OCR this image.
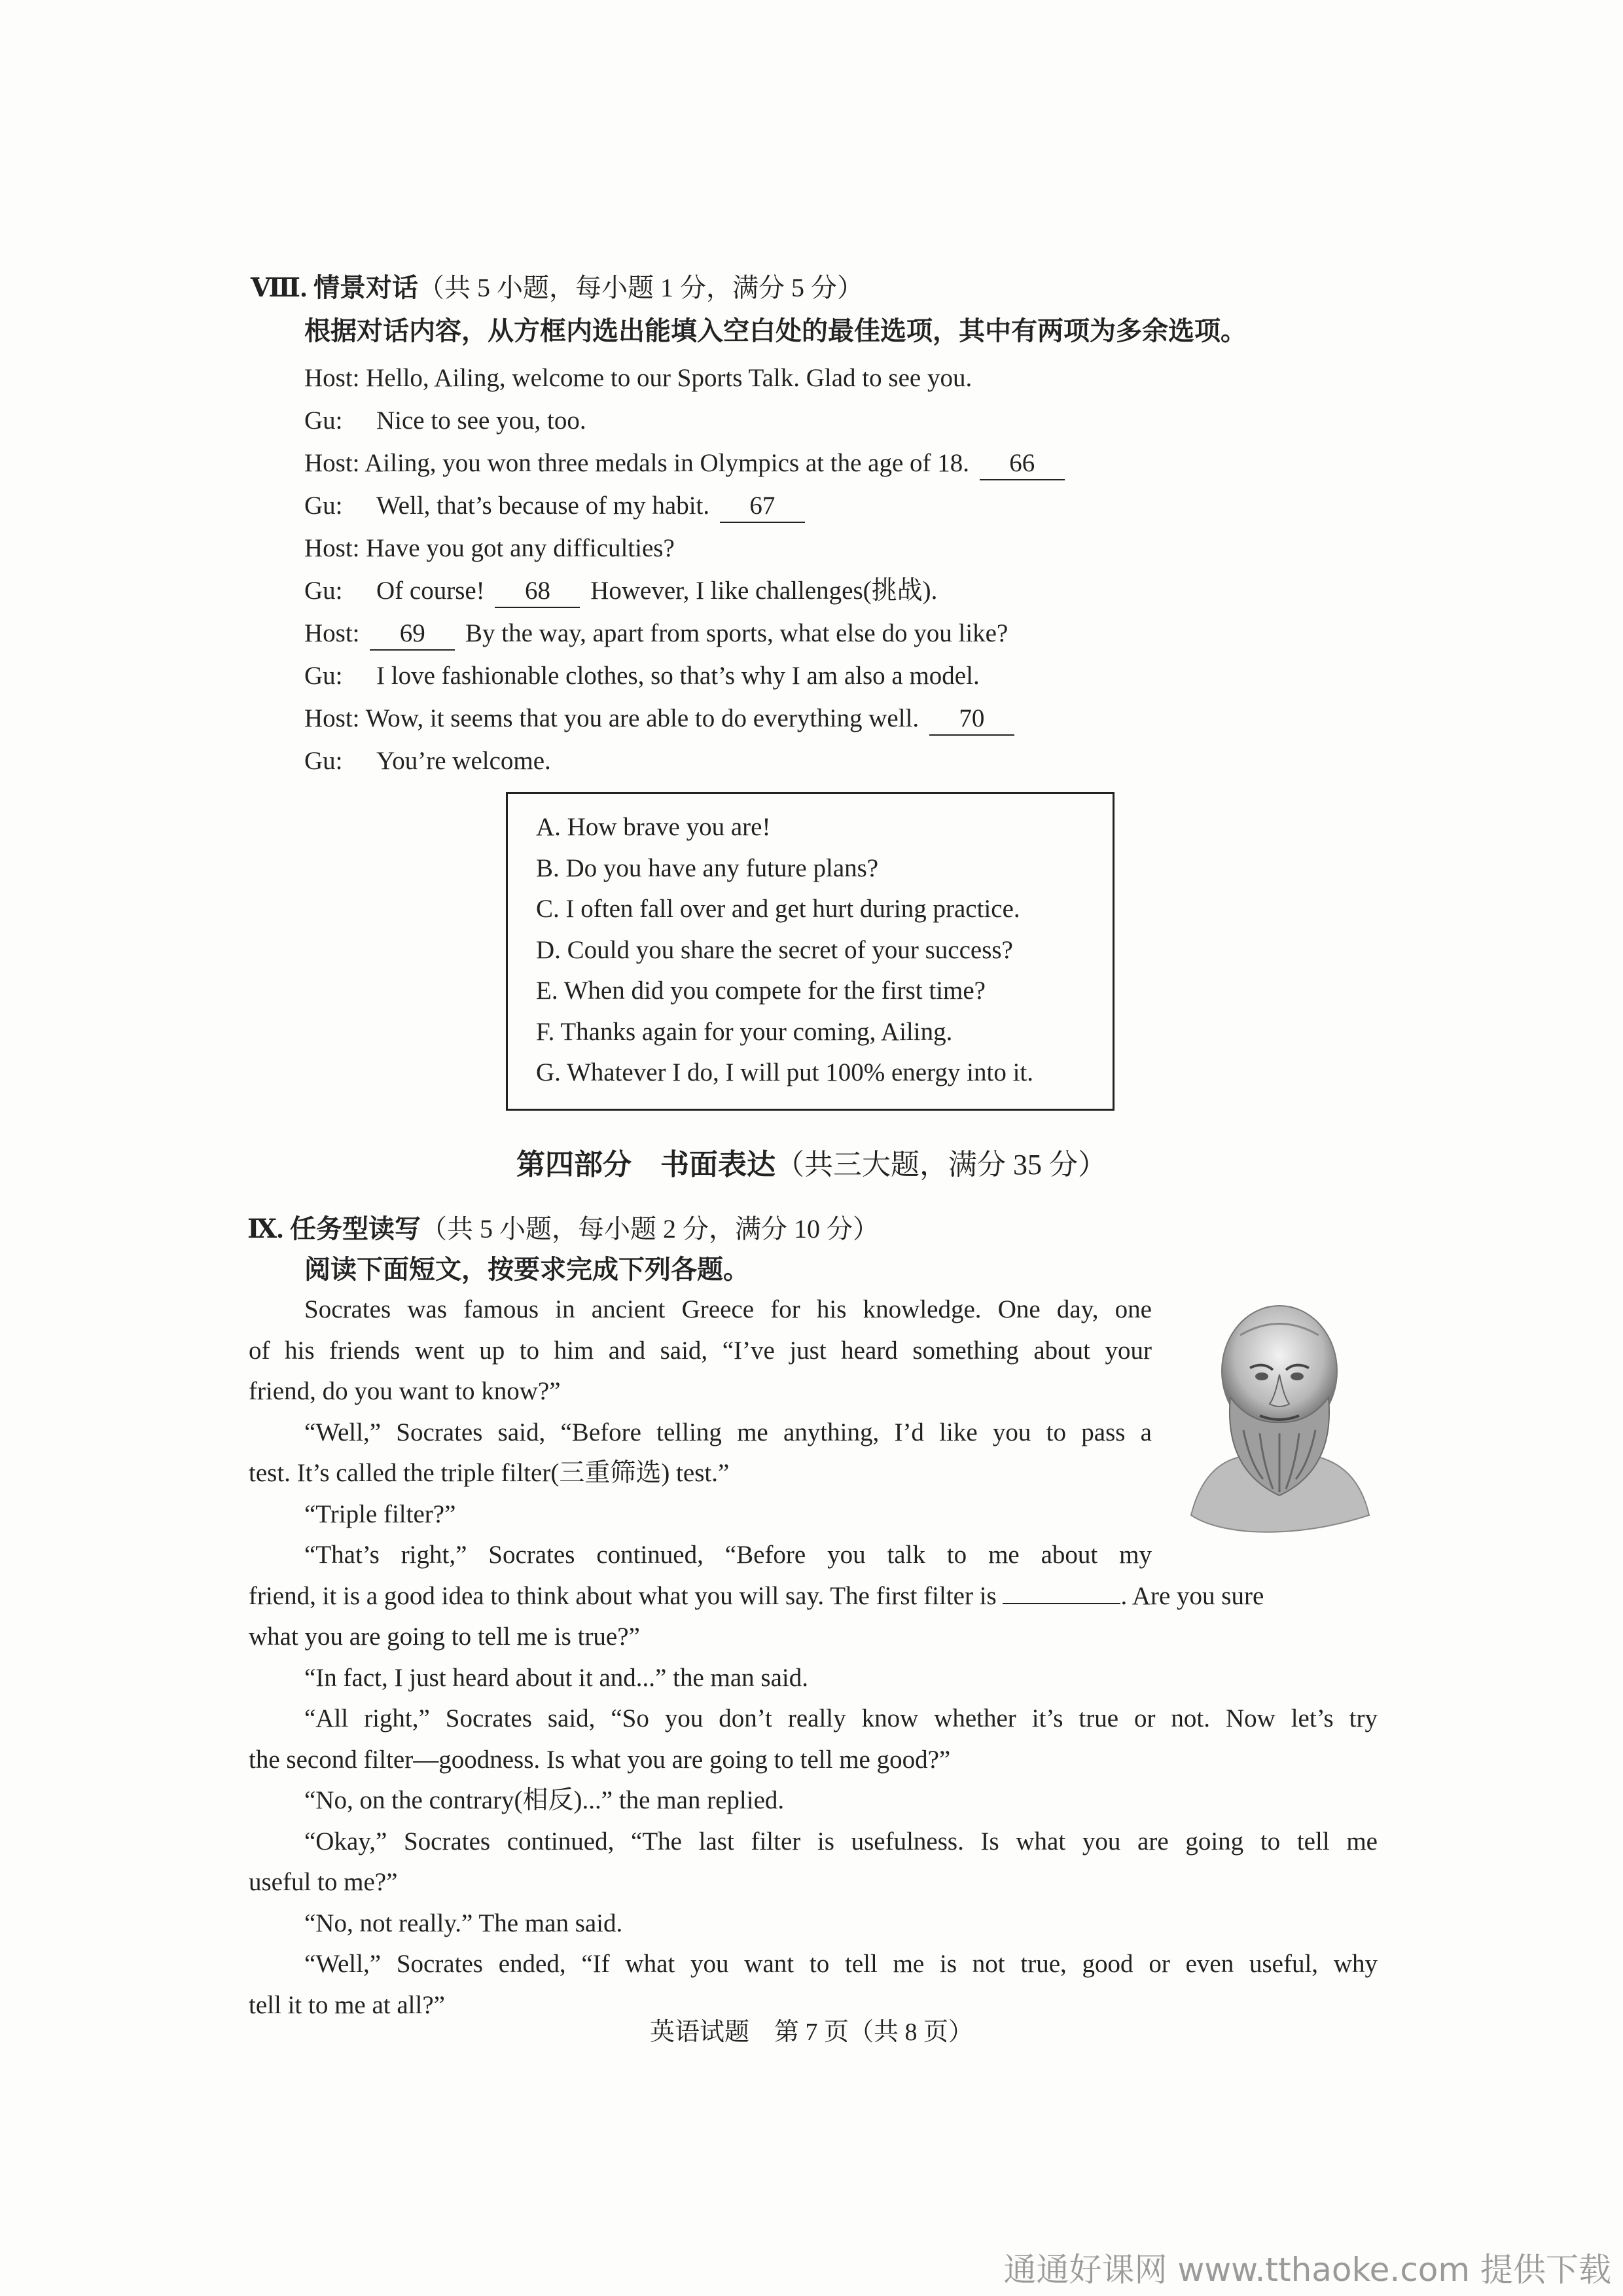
Ⅷ. 情景对话（共 5 小题，每小题 1 分，满分 5 分）
根据对话内容，从方框内选出能填入空白处的最佳选项，其中有两项为多余选项。
Host: Hello, Ailing, welcome to our Sports Talk. Glad to see you.
Gu: Nice to see you, too.
Host: Ailing, you won three medals in Olympics at the age of 18. 66
Gu: Well, that’s because of my habit. 67
Host: Have you got any difficulties?
Gu: Of course! 68 However, I like challenges(挑战).
Host: 69 By the way, apart from sports, what else do you like?
Gu: I love fashionable clothes, so that’s why I am also a model.
Host: Wow, it seems that you are able to do everything well. 70
Gu: You’re welcome.
A. How brave you are!
B. Do you have any future plans?
C. I often fall over and get hurt during practice.
D. Could you share the secret of your success?
E. When did you compete for the first time?
F. Thanks again for your coming, Ailing.
G. Whatever I do, I will put 100% energy into it.
第四部分　书面表达（共三大题，满分 35 分）
Ⅸ. 任务型读写（共 5 小题，每小题 2 分，满分 10 分）
阅读下面短文，按要求完成下列各题。
Socrates was famous in ancient Greece for his knowledge. One day, one
of his friends went up to him and said, “I’ve just heard something about your
friend, do you want to know?”
“Well,” Socrates said, “Before telling me anything, I’d like you to pass a
test. It’s called the triple filter(三重筛选) test.”
“Triple filter?”
“That’s right,” Socrates continued, “Before you talk to me about my
friend, it is a good idea to think about what you will say. The first filter is	. Are you sure
what you are going to tell me is true?”
“In fact, I just heard about it and...” the man said.
“All right,” Socrates said, “So you don’t really know whether it’s true or not. Now let’s try
the second filter—goodness. Is what you are going to tell me good?”
“No, on the contrary(相反)...” the man replied.
“Okay,” Socrates continued, “The last filter is usefulness. Is what you are going to tell me
useful to me?”
“No, not really.” The man said.
“Well,” Socrates ended, “If what you want to tell me is not true, good or even useful, why
tell it to me at all?”
英语试题　第 7 页（共 8 页）
通通好课网 www.tthaoke.com 提供下载
